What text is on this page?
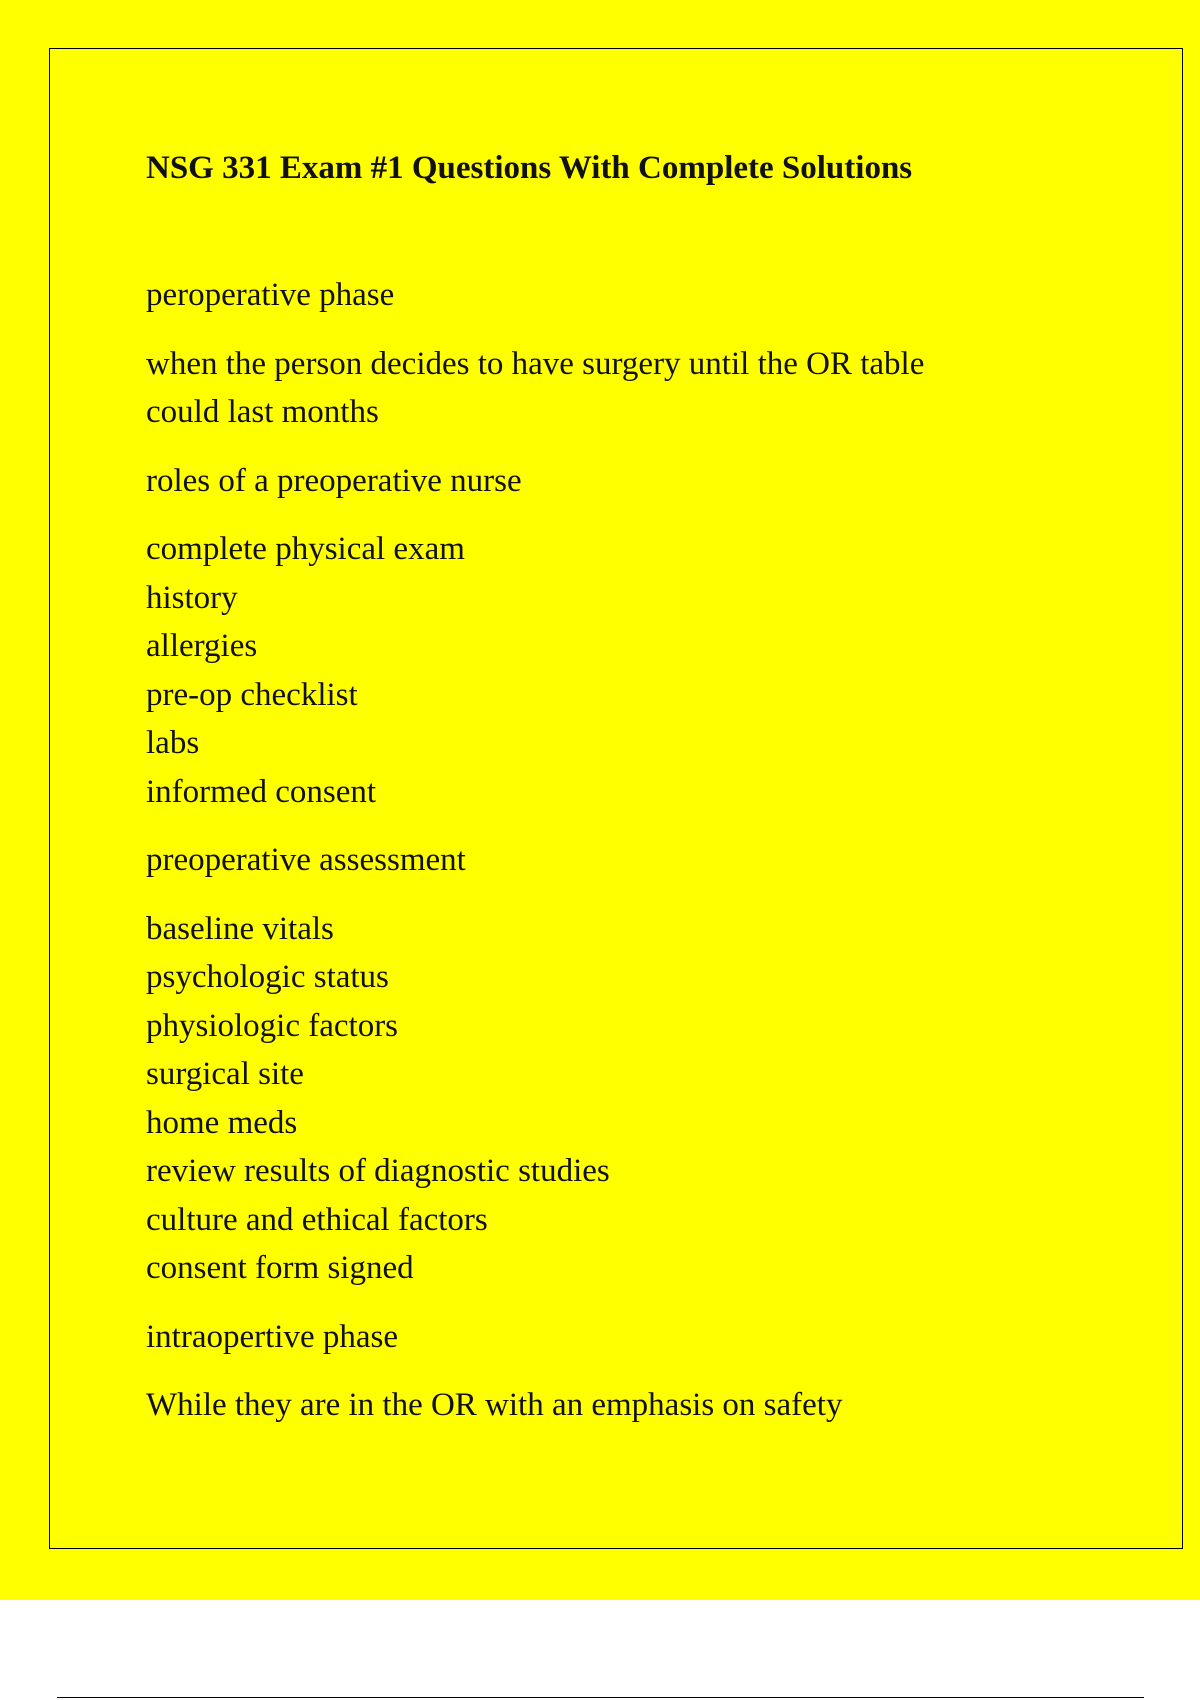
NSG 331 Exam #1 Questions With Complete Solutions
peroperative phase
when the person decides to have surgery until the OR table
could last months
roles of a preoperative nurse
complete physical exam
history
allergies
pre-op checklist
labs
informed consent
preoperative assessment
baseline vitals
psychologic status
physiologic factors
surgical site
home meds
review results of diagnostic studies
culture and ethical factors
consent form signed
intraopertive phase
While they are in the OR with an emphasis on safety
